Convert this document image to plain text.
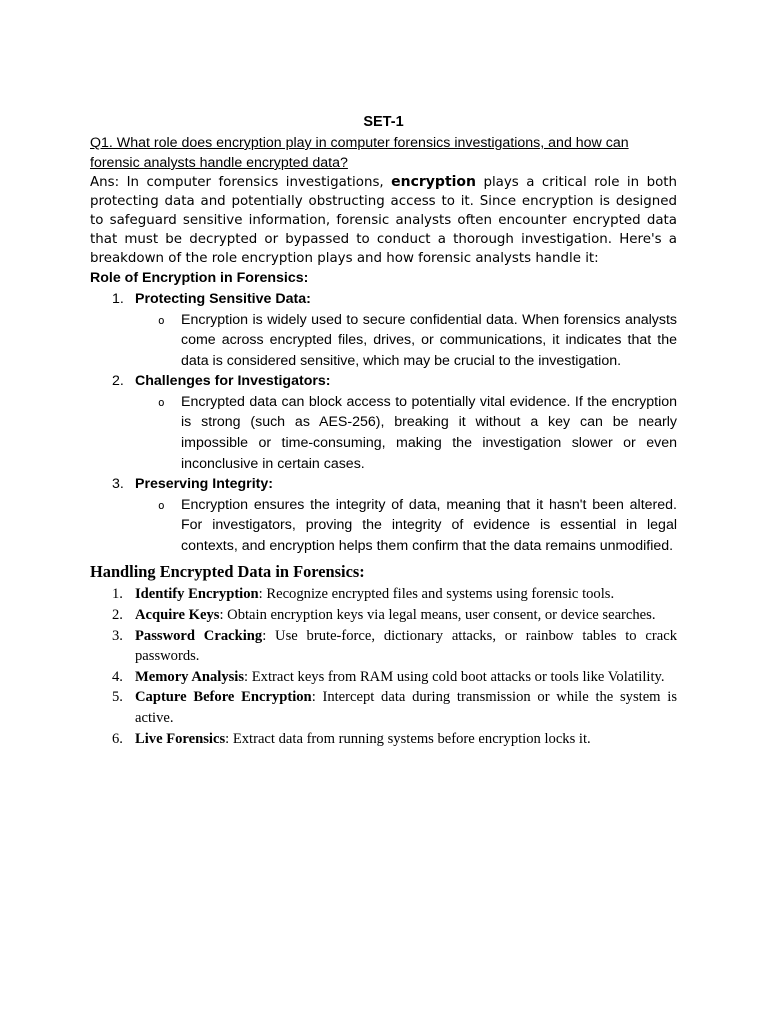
SET-1

Q1. What role does encryption play in computer forensics investigations, and how can forensic analysts handle encrypted data?

Ans: In computer forensics investigations, encryption plays a critical role in both protecting data and potentially obstructing access to it. Since encryption is designed to safeguard sensitive information, forensic analysts often encounter encrypted data that must be decrypted or bypassed to conduct a thorough investigation. Here's a breakdown of the role encryption plays and how forensic analysts handle it:

Role of Encryption in Forensics:
1. Protecting Sensitive Data:
o Encryption is widely used to secure confidential data. When forensics analysts come across encrypted files, drives, or communications, it indicates that the data is considered sensitive, which may be crucial to the investigation.
2. Challenges for Investigators:
o Encrypted data can block access to potentially vital evidence. If the encryption is strong (such as AES-256), breaking it without a key can be nearly impossible or time-consuming, making the investigation slower or even inconclusive in certain cases.
3. Preserving Integrity:
o Encryption ensures the integrity of data, meaning that it hasn't been altered. For investigators, proving the integrity of evidence is essential in legal contexts, and encryption helps them confirm that the data remains unmodified.
Handling Encrypted Data in Forensics:
1. Identify Encryption: Recognize encrypted files and systems using forensic tools.
2. Acquire Keys: Obtain encryption keys via legal means, user consent, or device searches.
3. Password Cracking: Use brute-force, dictionary attacks, or rainbow tables to crack passwords.
4. Memory Analysis: Extract keys from RAM using cold boot attacks or tools like Volatility.
5. Capture Before Encryption: Intercept data during transmission or while the system is active.
6. Live Forensics: Extract data from running systems before encryption locks it.
